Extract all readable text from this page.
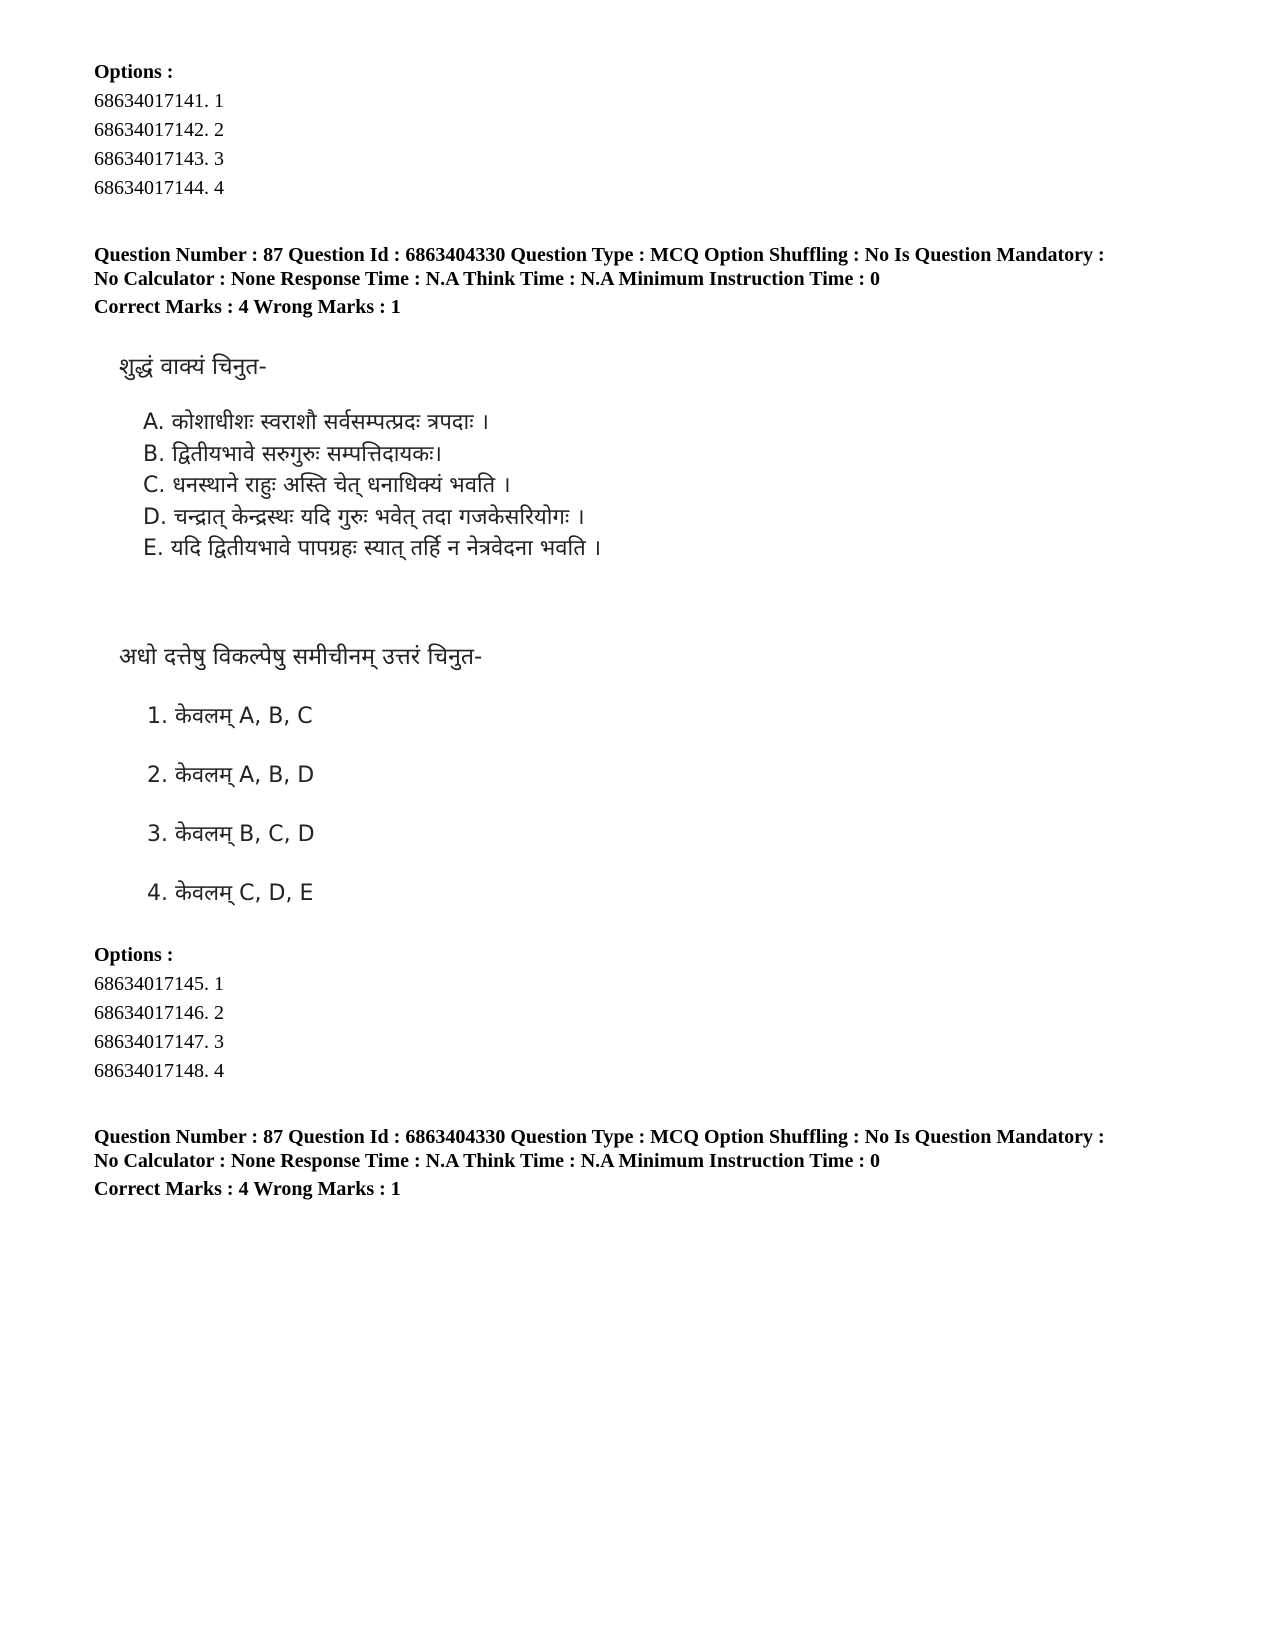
Options :
68634017141. 1
68634017142. 2
68634017143. 3
68634017144. 4
Question Number : 87 Question Id : 6863404330 Question Type : MCQ Option Shuffling : No Is Question Mandatory :
No Calculator : None Response Time : N.A Think Time : N.A Minimum Instruction Time : 0
Correct Marks : 4 Wrong Marks : 1
शुद्धं वाक्यं चिनुत-
A. कोशाधीशः स्वराशौ सर्वसम्पत्प्रदः त्रपदाः ।
B. द्वितीयभावे सरुगुरुः सम्पत्तिदायकः।
C. धनस्थाने राहुः अस्ति चेत् धनाधिक्यं भवति ।
D. चन्द्रात् केन्द्रस्थः यदि गुरुः भवेत् तदा गजकेसरियोगः ।
E. यदि द्वितीयभावे पापग्रहः स्यात् तर्हि न नेत्रवेदना भवति ।
अधो दत्तेषु विकल्पेषु समीचीनम् उत्तरं चिनुत-
1. केवलम् A, B, C
2. केवलम् A, B, D
3. केवलम् B, C, D
4. केवलम् C, D, E
Options :
68634017145. 1
68634017146. 2
68634017147. 3
68634017148. 4
Question Number : 87 Question Id : 6863404330 Question Type : MCQ Option Shuffling : No Is Question Mandatory :
No Calculator : None Response Time : N.A Think Time : N.A Minimum Instruction Time : 0
Correct Marks : 4 Wrong Marks : 1
